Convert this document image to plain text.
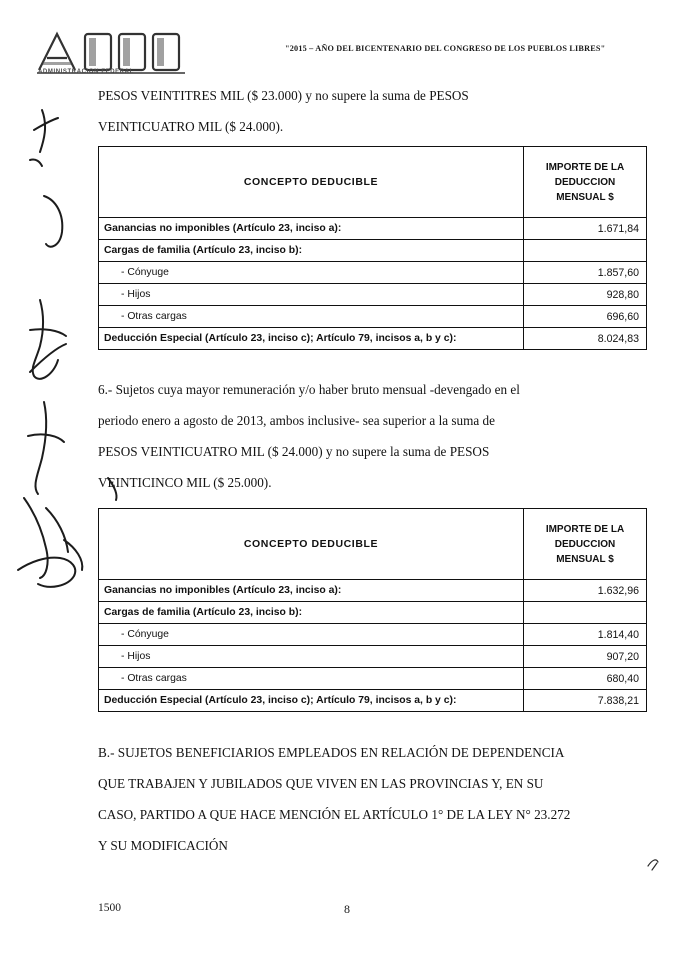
ADMINISTRACION FEDERAL
"2015 – AÑO DEL BICENTENARIO DEL CONGRESO DE LOS PUEBLOS LIBRES"
PESOS VEINTITRES MIL ($ 23.000) y no supere la suma de PESOS
VEINTICUATRO MIL ($ 24.000).
CONCEPTO DEDUCIBLE	IMPORTE DE LA
DEDUCCION
MENSUAL $

Ganancias no imponibles (Artículo 23, inciso a):	1.671,84
Cargas de familia (Artículo 23, inciso b):	
- Cónyuge	1.857,60
- Hijos	928,80
- Otras cargas	696,60
Deducción Especial (Artículo 23, inciso c); Artículo 79, incisos a, b y c):	8.024,83
6.- Sujetos cuya mayor remuneración y/o haber bruto mensual -devengado en el
periodo enero a agosto de 2013, ambos inclusive- sea superior a la suma de
PESOS VEINTICUATRO MIL ($ 24.000) y no supere la suma de PESOS
VEINTICINCO MIL ($ 25.000).
CONCEPTO DEDUCIBLE	IMPORTE DE LA
DEDUCCION
MENSUAL $

Ganancias no imponibles (Artículo 23, inciso a):	1.632,96
Cargas de familia (Artículo 23, inciso b):	
- Cónyuge	1.814,40
- Hijos	907,20
- Otras cargas	680,40
Deducción Especial (Artículo 23, inciso c); Artículo 79, incisos a, b y c):	7.838,21
B.- SUJETOS BENEFICIARIOS EMPLEADOS EN RELACIÓN DE DEPENDENCIA
QUE TRABAJEN Y JUBILADOS QUE VIVEN EN LAS PROVINCIAS Y, EN SU
CASO, PARTIDO A QUE HACE MENCIÓN EL ARTÍCULO 1° DE LA LEY N° 23.272
Y SU MODIFICACIÓN
1500	8
